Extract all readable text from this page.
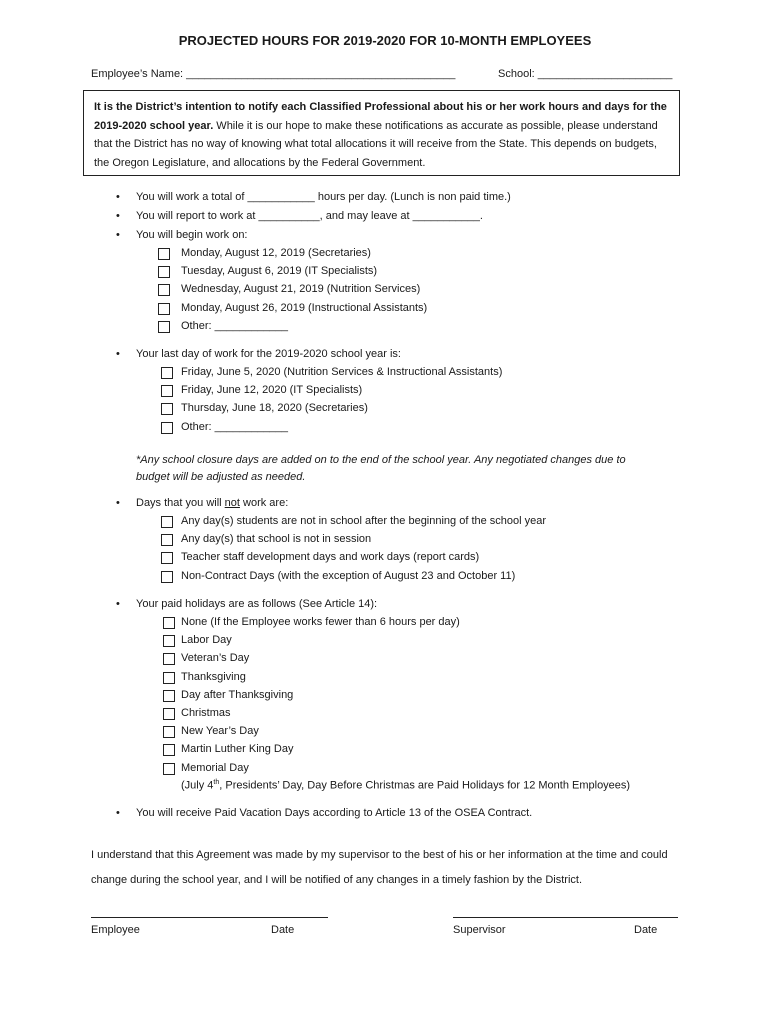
PROJECTED HOURS FOR 2019-2020 FOR 10-MONTH EMPLOYEES
Employee’s Name: ____________________________________________	School: ______________________
It is the District’s intention to notify each Classified Professional about his or her work hours and days for the 2019-2020 school year. While it is our hope to make these notifications as accurate as possible, please understand that the District has no way of knowing what total allocations it will receive from the State. This depends on budgets, the Oregon Legislature, and allocations by the Federal Government.
• You will work a total of ___________ hours per day. (Lunch is non paid time.)
• You will report to work at __________, and may leave at ___________.
• You will begin work on:
Monday, August 12, 2019 (Secretaries)
Tuesday, August 6, 2019 (IT Specialists)
Wednesday, August 21, 2019 (Nutrition Services)
Monday, August 26, 2019 (Instructional Assistants)
Other: ____________
• Your last day of work for the 2019-2020 school year is:
Friday, June 5, 2020 (Nutrition Services & Instructional Assistants)
Friday, June 12, 2020 (IT Specialists)
Thursday, June 18, 2020 (Secretaries)
Other: ____________
*Any school closure days are added on to the end of the school year. Any negotiated changes due to budget will be adjusted as needed.
• Days that you will not work are:
Any day(s) students are not in school after the beginning of the school year
Any day(s) that school is not in session
Teacher staff development days and work days (report cards)
Non-Contract Days (with the exception of August 23 and October 11)
• Your paid holidays are as follows (See Article 14):
None (If the Employee works fewer than 6 hours per day)
Labor Day
Veteran’s Day
Thanksgiving
Day after Thanksgiving
Christmas
New Year’s Day
Martin Luther King Day
Memorial Day
(July 4th, Presidents’ Day, Day Before Christmas are Paid Holidays for 12 Month Employees)
• You will receive Paid Vacation Days according to Article 13 of the OSEA Contract.
I understand that this Agreement was made by my supervisor to the best of his or her information at the time and could change during the school year, and I will be notified of any changes in a timely fashion by the District.
Employee	Date	Supervisor	Date
